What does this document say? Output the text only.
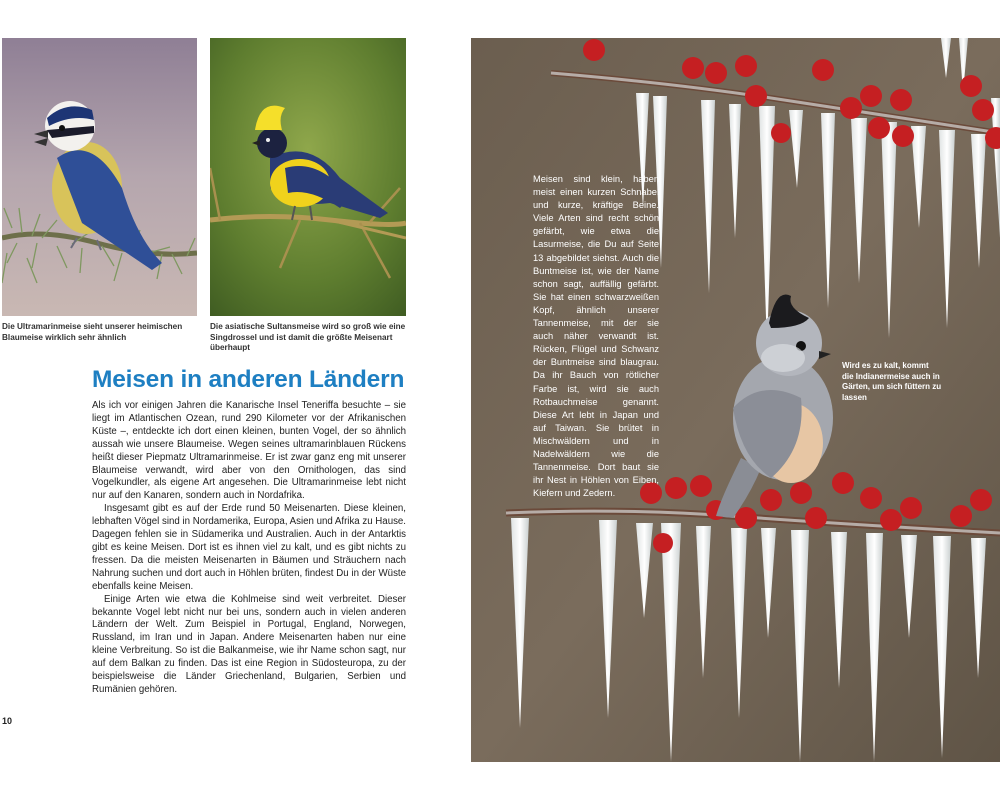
Die Ultramarinmeise sieht unserer heimischen Blaumeise wirklich sehr ähnlich
Die asiatische Sultansmeise wird so groß wie eine Singdrossel und ist damit die größte Meisenart überhaupt
Meisen in anderen Ländern

Als ich vor einigen Jahren die Kanarische Insel Teneriffa besuchte – sie liegt im Atlantischen Ozean, rund 290 Kilometer vor der Afrikanischen Küste –, entdeckte ich dort einen kleinen, bunten Vogel, der so ähnlich aussah wie unsere Blaumeise. Wegen seines ultramarinblauen Rückens heißt dieser Piepmatz Ultramarinmeise. Er ist zwar ganz eng mit unserer Blaumeise verwandt, wird aber von den Ornithologen, das sind Vogelkundler, als eigene Art angesehen. Die Ultramarinmeise lebt nicht nur auf den Kanaren, sondern auch in Nordafrika.

Insgesamt gibt es auf der Erde rund 50 Meisenarten. Diese kleinen, lebhaften Vögel sind in Nordamerika, Europa, Asien und Afrika zu Hause. Dagegen fehlen sie in Südamerika und Australien. Auch in der Antarktis gibt es keine Meisen. Dort ist es ihnen viel zu kalt, und es gibt nichts zu fressen. Da die meisten Meisenarten in Bäumen und Sträuchern nach Nahrung suchen und dort auch in Höhlen brüten, findest Du in der Wüste ebenfalls keine Meisen.

Einige Arten wie etwa die Kohlmeise sind weit verbreitet. Dieser bekannte Vogel lebt nicht nur bei uns, sondern auch in vielen anderen Ländern der Welt. Zum Beispiel in Portugal, England, Norwegen, Russland, im Iran und in Japan. Andere Meisenarten haben nur eine kleine Verbreitung. So ist die Balkanmeise, wie ihr Name schon sagt, nur auf dem Balkan zu finden. Das ist eine Region in Südosteuropa, zu der beispielsweise die Länder Griechenland, Bulgarien, Serbien und Rumänien gehören.

10
Meisen sind klein, haben meist einen kurzen Schnabel und kurze, kräftige Beine. Viele Arten sind recht schön gefärbt, wie etwa die Lasurmeise, die Du auf Seite 13 abgebildet siehst. Auch die Buntmeise ist, wie der Name schon sagt, auffällig gefärbt. Sie hat einen schwarzweißen Kopf, ähnlich unserer Tannenmeise, mit der sie auch näher verwandt ist. Rücken, Flügel und Schwanz der Buntmeise sind blaugrau. Da ihr Bauch von rötlicher Farbe ist, wird sie auch Rotbauchmeise genannt. Diese Art lebt in Japan und auf Taiwan. Sie brütet in Mischwäldern und in Nadelwäldern wie die Tannenmeise. Dort baut sie ihr Nest in Höhlen von Eiben, Kiefern und Zedern.
Wird es zu kalt, kommt die Indianermeise auch in Gärten, um sich füttern zu lassen
